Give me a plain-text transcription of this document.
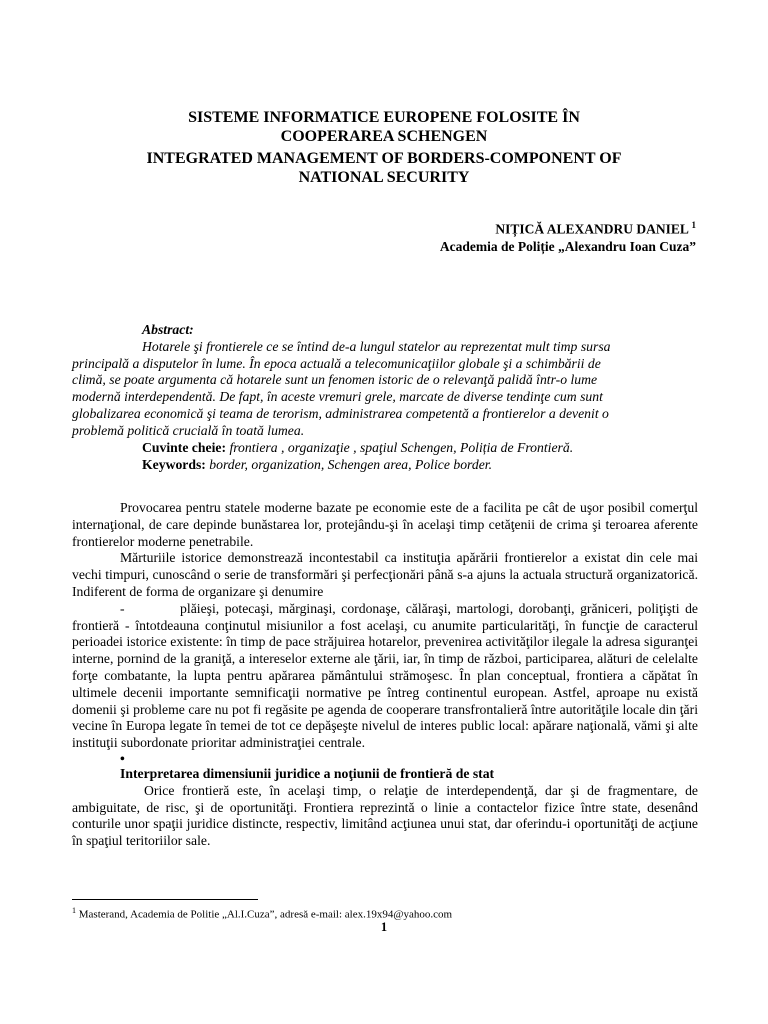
SISTEME INFORMATICE EUROPENE FOLOSITE ÎN
COOPERAREA SCHENGEN
INTEGRATED MANAGEMENT OF BORDERS-COMPONENT OF
NATIONAL SECURITY
NIȚICĂ ALEXANDRU DANIEL $^1$
Academia de Poliție „Alexandru Ioan Cuza”
Abstract:
Hotarele şi frontierele ce se întind de-a lungul statelor au reprezentat mult timp sursa
principală a disputelor în lume. În epoca actuală a telecomunicaţiilor globale şi a schimbării de
climă, se poate argumenta că hotarele sunt un fenomen istoric de o relevanţă palidă într-o lume
modernă interdependentă. De fapt, în aceste vremuri grele, marcate de diverse tendinţe cum sunt
globalizarea economică şi teama de terorism, administrarea competentă a frontierelor a devenit o
problemă politică crucială în toată lumea.
Cuvinte cheie: frontiera , organizaţie , spaţiul Schengen, Poliția de Frontieră.
Keywords: border, organization, Schengen area, Police border.
Provocarea pentru statele moderne bazate pe economie este de a facilita pe cât de uşor posibil comerţul internaţional, de care depinde bunăstarea lor, protejându-şi în acelaşi timp cetăţenii de crima şi teroarea aferente frontierelor moderne penetrabile.
Mărturiile istorice demonstrează incontestabil ca instituţia apărării frontierelor a existat din cele mai vechi timpuri, cunoscând o serie de transformări şi perfecţionări până s-a ajuns la actuala structură organizatorică. Indiferent de forma de organizare şi denumire
-          plăieşi, potecaşi, mărginaşi, cordonaşe, călăraşi, martologi, dorobanţi, grăniceri, poliţişti de frontieră - întotdeauna conţinutul misiunilor a fost acelaşi, cu anumite particularităţi, în funcţie de caracterul perioadei istorice existente: în timp de pace străjuirea hotarelor, prevenirea activităţilor ilegale la adresa siguranţei interne, pornind de la graniţă, a intereselor externe ale ţării, iar, în timp de război, participarea, alături de celelalte forţe combatante, la lupta pentru apărarea pământului strămoşesc. În plan conceptual, frontiera a căpătat în ultimele decenii importante semnificaţii normative pe întreg continentul european. Astfel, aproape nu există domenii şi probleme care nu pot fi regăsite pe agenda de cooperare transfrontalieră între autorităţile locale din ţări vecine în Europa legate în temei de tot ce depăşeşte nivelul de interes public local: apărare naţională, vămi şi alte instituţii subordonate prioritar administraţiei centrale.
•
Interpretarea dimensiunii juridice a noţiunii de frontieră de stat
Orice frontieră este, în acelaşi timp, o relaţie de interdependenţă, dar şi de fragmentare, de ambiguitate, de risc, şi de oportunităţi. Frontiera reprezintă o linie a contactelor fizice între state, desenând conturile unor spaţii juridice distincte, respectiv, limitând acţiunea unui stat, dar oferindu-i oportunităţi de acţiune în spaţiul teritoriilor sale.
$^1$ Masterand, Academia de Politie „Al.I.Cuza”, adresă e-mail: alex.19x94@yahoo.com
1
